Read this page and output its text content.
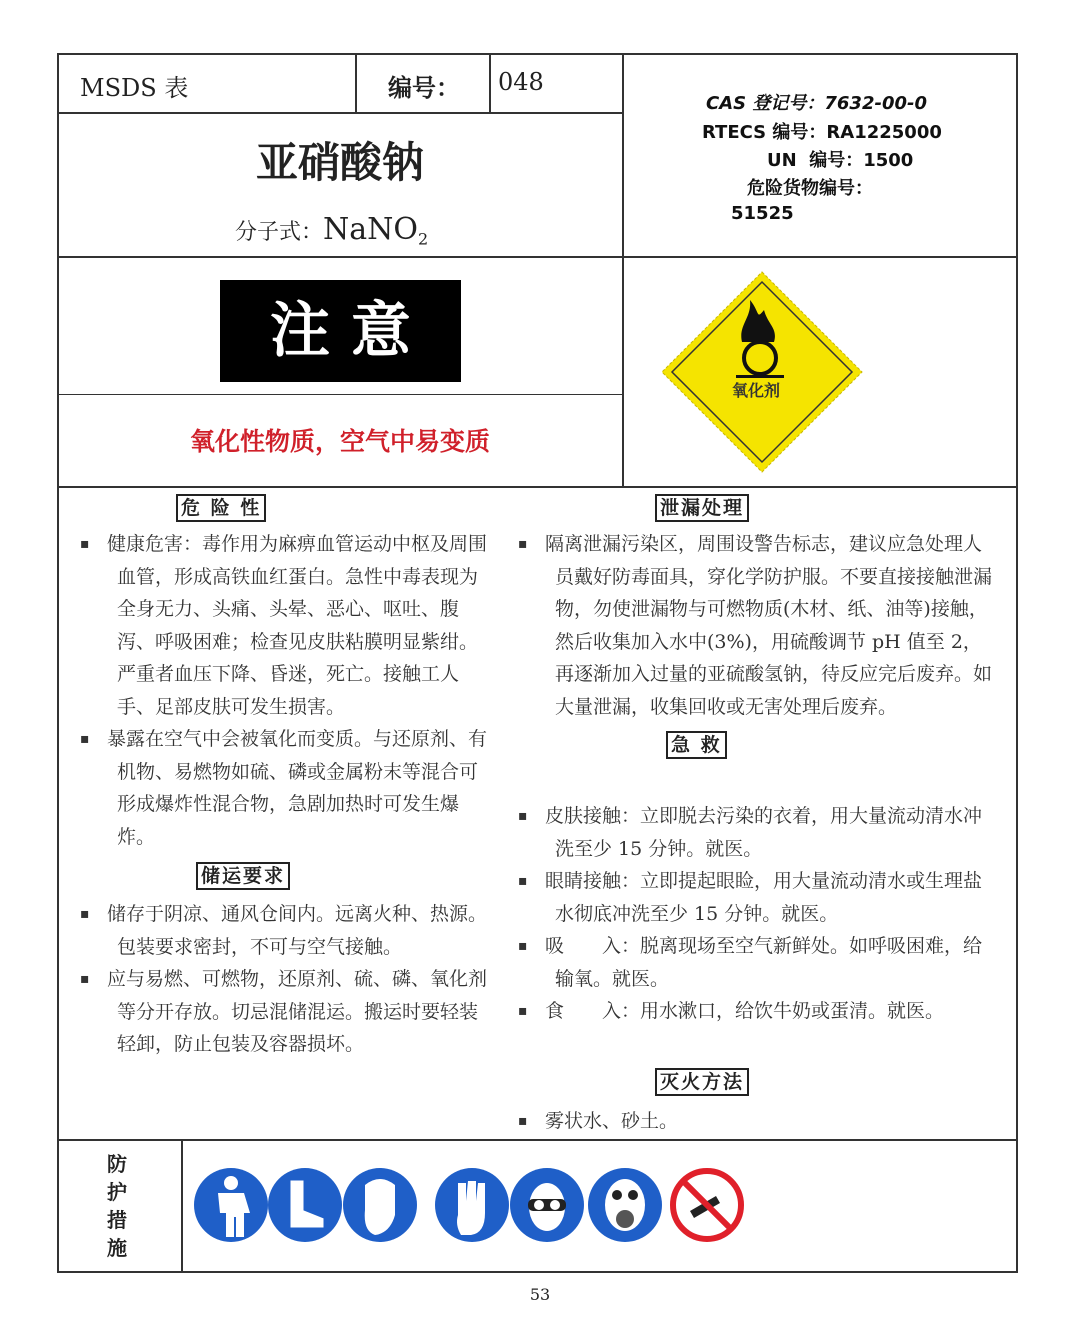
MSDS 表	编号： 048
亚硝酸钠
分子式：NaNO$_2$
CAS 登记号：7632-00-0
RTECS 编号：RA1225000
UN  编号：1500
危险货物编号：
51525
注 意
氧化性物质，空气中易变质
氧化剂
危 险 性
▪ 健康危害：毒作用为麻痹血管运动中枢及周围血管，形成高铁血红蛋白。急性中毒表现为全身无力、头痛、头晕、恶心、呕吐、腹泻、呼吸困难；检查见皮肤粘膜明显紫绀。严重者血压下降、昏迷，死亡。接触工人手、足部皮肤可发生损害。
▪ 暴露在空气中会被氧化而变质。与还原剂、有机物、易燃物如硫、磷或金属粉末等混合可形成爆炸性混合物，急剧加热时可发生爆炸。
储运要求
▪ 储存于阴凉、通风仓间内。远离火种、热源。包装要求密封，不可与空气接触。
▪ 应与易燃、可燃物，还原剂、硫、磷、氧化剂等分开存放。切忌混储混运。搬运时要轻装轻卸，防止包装及容器损坏。
泄漏处理
▪ 隔离泄漏污染区，周围设警告标志，建议应急处理人员戴好防毒面具，穿化学防护服。不要直接接触泄漏物，勿使泄漏物与可燃物质(木材、纸、油等)接触，然后收集加入水中(3%)，用硫酸调节 pH 值至 2，再逐渐加入过量的亚硫酸氢钠，待反应完后废弃。如大量泄漏，收集回收或无害处理后废弃。
急 救
▪ 皮肤接触：立即脱去污染的衣着，用大量流动清水冲洗至少 15 分钟。就医。
▪ 眼睛接触：立即提起眼睑，用大量流动清水或生理盐水彻底冲洗至少 15 分钟。就医。
▪ 吸　　入：脱离现场至空气新鲜处。如呼吸困难，给输氧。就医。
▪ 食　　入：用水漱口，给饮牛奶或蛋清。就医。
灭火方法
▪ 雾状水、砂土。
防
护
措
施
53
